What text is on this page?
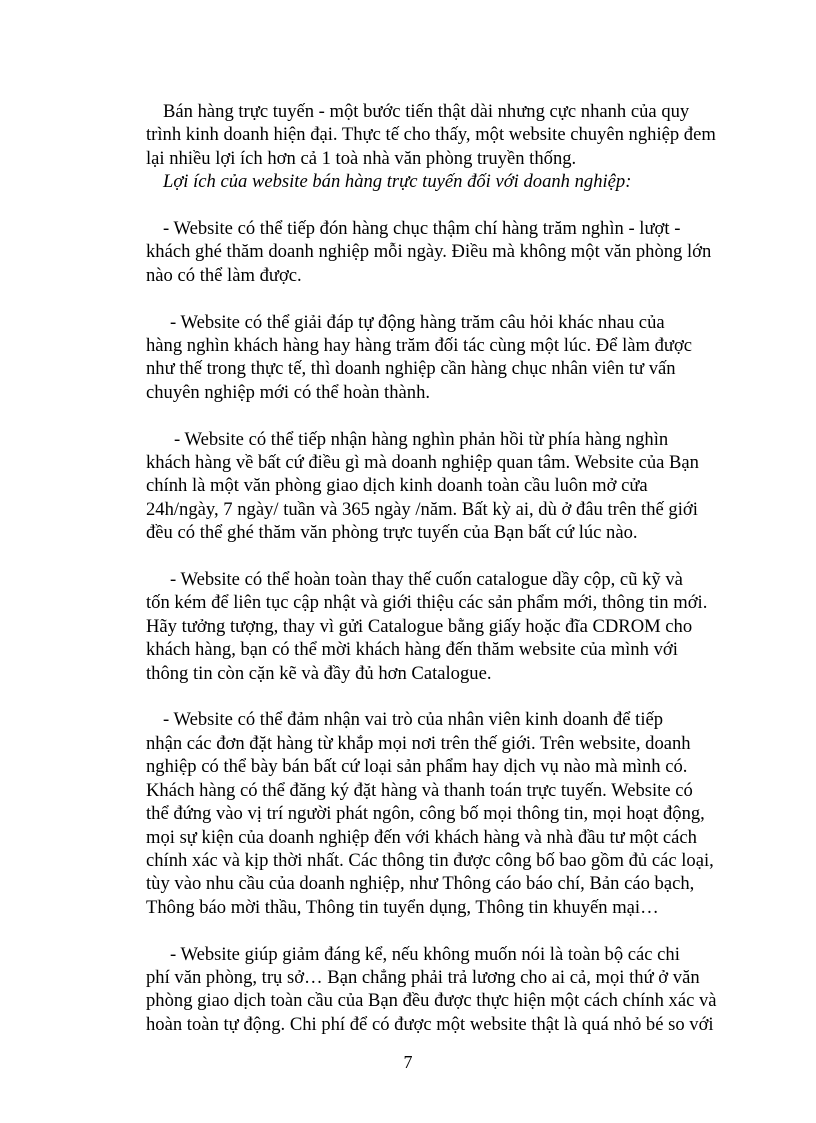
Bán hàng trực tuyến - một bước tiến thật dài nhưng cực nhanh của quy
trình kinh doanh hiện đại. Thực tế cho thấy, một website chuyên nghiệp đem
lại nhiều lợi ích hơn cả 1 toà nhà văn phòng truyền thống.
Lợi ích của website bán hàng trực tuyến đối với doanh nghiệp:
- Website có thể tiếp đón hàng chục thậm chí hàng trăm nghìn - lượt -
khách ghé thăm doanh nghiệp mỗi ngày. Điều mà không một văn phòng lớn
nào có thể làm được.
- Website có thể giải đáp tự động hàng trăm câu hỏi khác nhau của
hàng nghìn khách hàng hay hàng trăm đối tác cùng một lúc. Để làm được
như thế trong thực tế, thì doanh nghiệp cần hàng chục nhân viên tư vấn
chuyên nghiệp mới có thể hoàn thành.
- Website có thể tiếp nhận hàng nghìn phản hồi từ phía hàng nghìn
khách hàng về bất cứ điều gì mà doanh nghiệp quan tâm. Website của Bạn
chính là một văn phòng giao dịch kinh doanh toàn cầu luôn mở cửa
24h/ngày, 7 ngày/ tuần và 365 ngày /năm. Bất kỳ ai, dù ở đâu trên thế giới
đều có thể ghé thăm văn phòng trực tuyến của Bạn bất cứ lúc nào.
- Website có thể hoàn toàn thay thế cuốn catalogue dầy cộp, cũ kỹ và
tốn kém để liên tục cập nhật và giới thiệu các sản phẩm mới, thông tin mới.
Hãy tưởng tượng, thay vì gửi Catalogue bằng giấy hoặc đĩa CDROM cho
khách hàng, bạn có thể mời khách hàng đến thăm website của mình với
thông tin còn cặn kẽ và đầy đủ hơn Catalogue.
- Website có thể đảm nhận vai trò của nhân viên kinh doanh để tiếp
nhận các đơn đặt hàng từ khắp mọi nơi trên thế giới. Trên website, doanh
nghiệp có thể bày bán bất cứ loại sản phẩm hay dịch vụ nào mà mình có.
Khách hàng có thể đăng ký đặt hàng và thanh toán trực tuyến. Website có
thể đứng vào vị trí người phát ngôn, công bố mọi thông tin, mọi hoạt động,
mọi sự kiện của doanh nghiệp đến với khách hàng và nhà đầu tư một cách
chính xác và kịp thời nhất. Các thông tin được công bố bao gồm đủ các loại,
tùy vào nhu cầu của doanh nghiệp, như Thông cáo báo chí, Bản cáo bạch,
Thông báo mời thầu, Thông tin tuyển dụng, Thông tin khuyến mại…
- Website giúp giảm đáng kể, nếu không muốn nói là toàn bộ các chi
phí văn phòng, trụ sở… Bạn chẳng phải trả lương cho ai cả, mọi thứ ở văn
phòng giao dịch toàn cầu của Bạn đều được thực hiện một cách chính xác và
hoàn toàn tự động. Chi phí để có được một website thật là quá nhỏ bé so với
7
